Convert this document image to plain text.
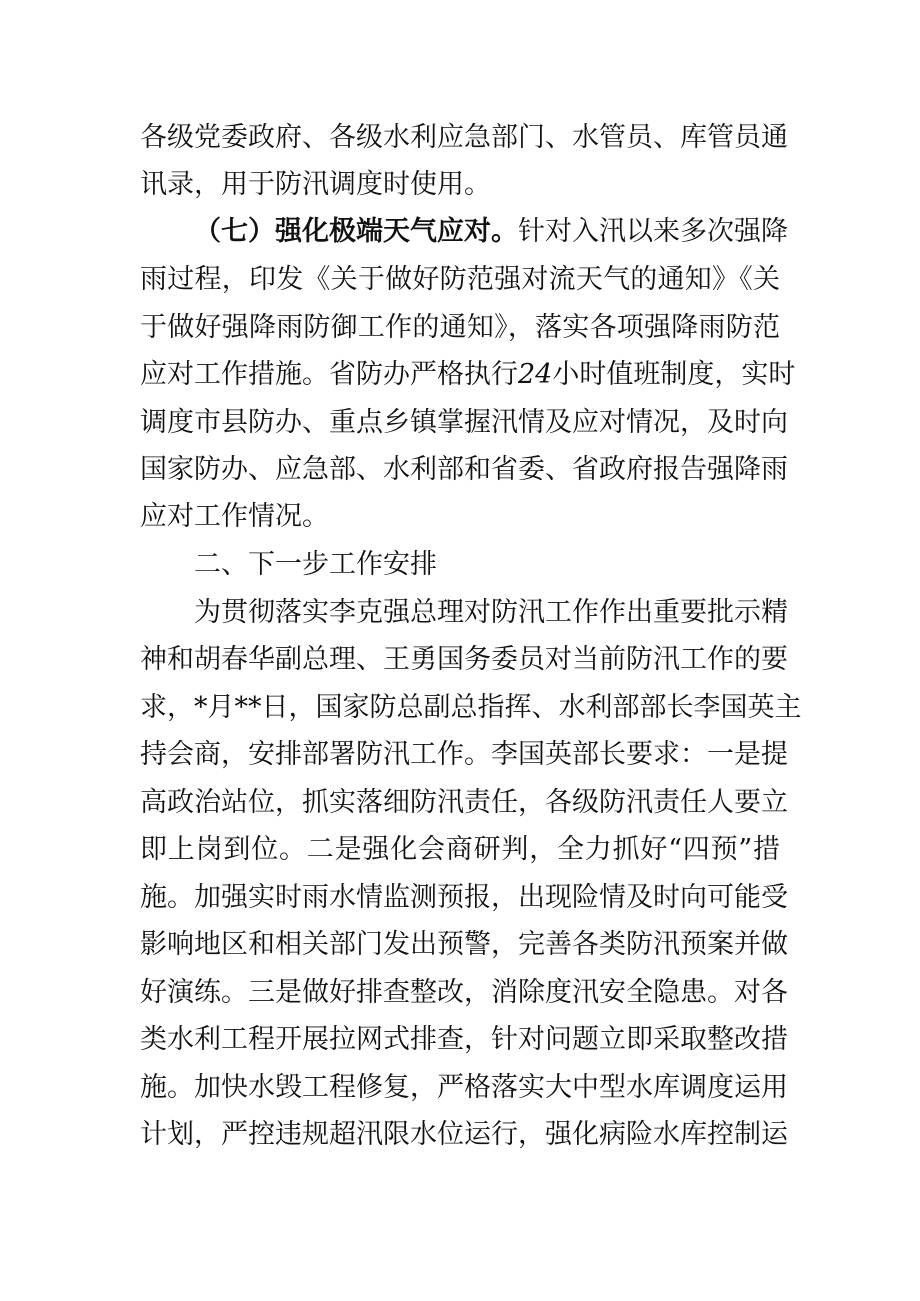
各级党委政府、各级水利应急部门、水管员、库管员通
讯录，用于防汛调度时使用。
（七）强化极端天气应对。针对入汛以来多次强降
雨过程，印发《关于做好防范强对流天气的通知》《关
于做好强降雨防御工作的通知》，落实各项强降雨防范
应对工作措施。省防办严格执行24小时值班制度，实时
调度市县防办、重点乡镇掌握汛情及应对情况，及时向
国家防办、应急部、水利部和省委、省政府报告强降雨
应对工作情况。
二、下一步工作安排
为贯彻落实李克强总理对防汛工作作出重要批示精
神和胡春华副总理、王勇国务委员对当前防汛工作的要
求，*月**日，国家防总副总指挥、水利部部长李国英主
持会商，安排部署防汛工作。李国英部长要求：一是提
高政治站位，抓实落细防汛责任，各级防汛责任人要立
即上岗到位。二是强化会商研判，全力抓好“四预”措
施。加强实时雨水情监测预报，出现险情及时向可能受
影响地区和相关部门发出预警，完善各类防汛预案并做
好演练。三是做好排查整改，消除度汛安全隐患。对各
类水利工程开展拉网式排查，针对问题立即采取整改措
施。加快水毁工程修复，严格落实大中型水库调度运用
计划，严控违规超汛限水位运行，强化病险水库控制运
